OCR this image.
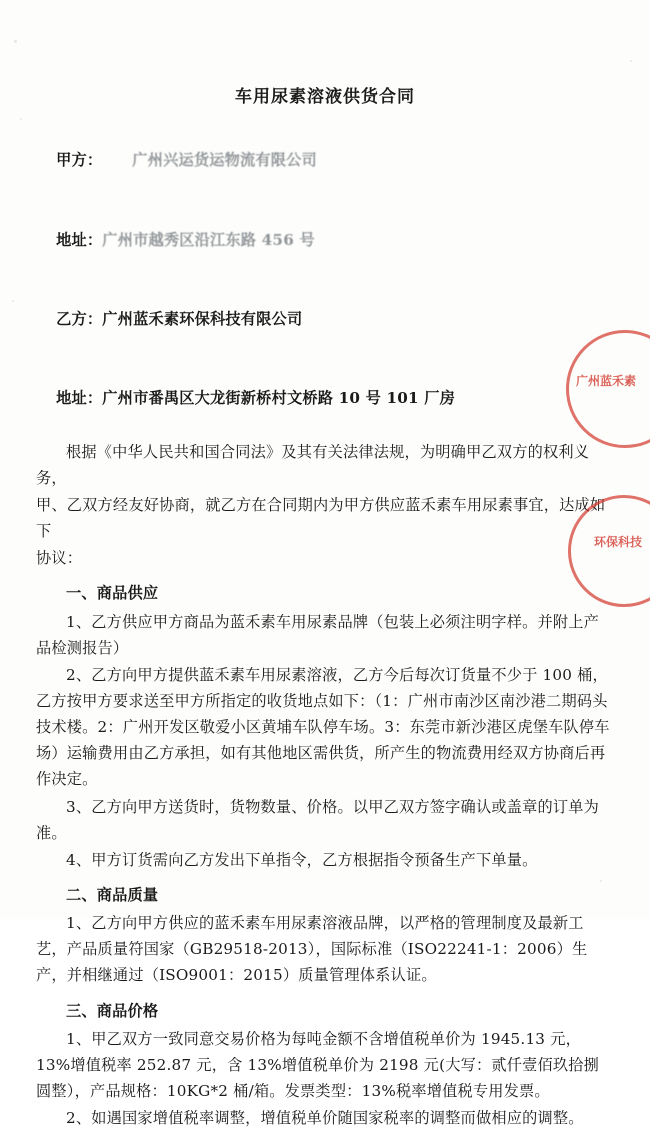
广州蓝禾素
环保科技
车用尿素溶液供货合同

甲方： 广州兴运货运物流有限公司

地址：广州市越秀区沿江东路 456 号

乙方：广州蓝禾素环保科技有限公司

地址：广州市番禺区大龙街新桥村文桥路 10 号 101 厂房

根据《中华人民共和国合同法》及其有关法律法规，为明确甲乙双方的权利义务，
甲、乙双方经友好协商，就乙方在合同期内为甲方供应蓝禾素车用尿素事宜，达成如下
协议：
一、商品供应
1、乙方供应甲方商品为蓝禾素车用尿素品牌（包装上必须注明字样。并附上产品检测报告）
2、乙方向甲方提供蓝禾素车用尿素溶液，乙方今后每次订货量不少于 100 桶，乙方按甲方要求送至甲方所指定的收货地点如下：（1：广州市南沙区南沙港二期码头技术楼。2：广州开发区敬爱小区黄埔车队停车场。3：东莞市新沙港区虎堡车队停车场）运输费用由乙方承担，如有其他地区需供货，所产生的物流费用经双方协商后再作决定。
3、乙方向甲方送货时，货物数量、价格。以甲乙双方签字确认或盖章的订单为准。
4、甲方订货需向乙方发出下单指令，乙方根据指令预备生产下单量。
二、商品质量
1、乙方向甲方供应的蓝禾素车用尿素溶液品牌，以严格的管理制度及最新工艺，产品质量符国家（GB29518-2013），国际标准（ISO22241-1：2006）生产，并相继通过（ISO9001：2015）质量管理体系认证。
三、商品价格
1、甲乙双方一致同意交易价格为每吨金额不含增值税单价为 1945.13 元，13%增值税率 252.87 元，含 13%增值税单价为 2198 元(大写：贰仟壹佰玖拾捌圆整），产品规格：10KG*2 桶/箱。发票类型：13%税率增值税专用发票。
2、如遇国家增值税率调整，增值税单价随国家税率的调整而做相应的调整。
